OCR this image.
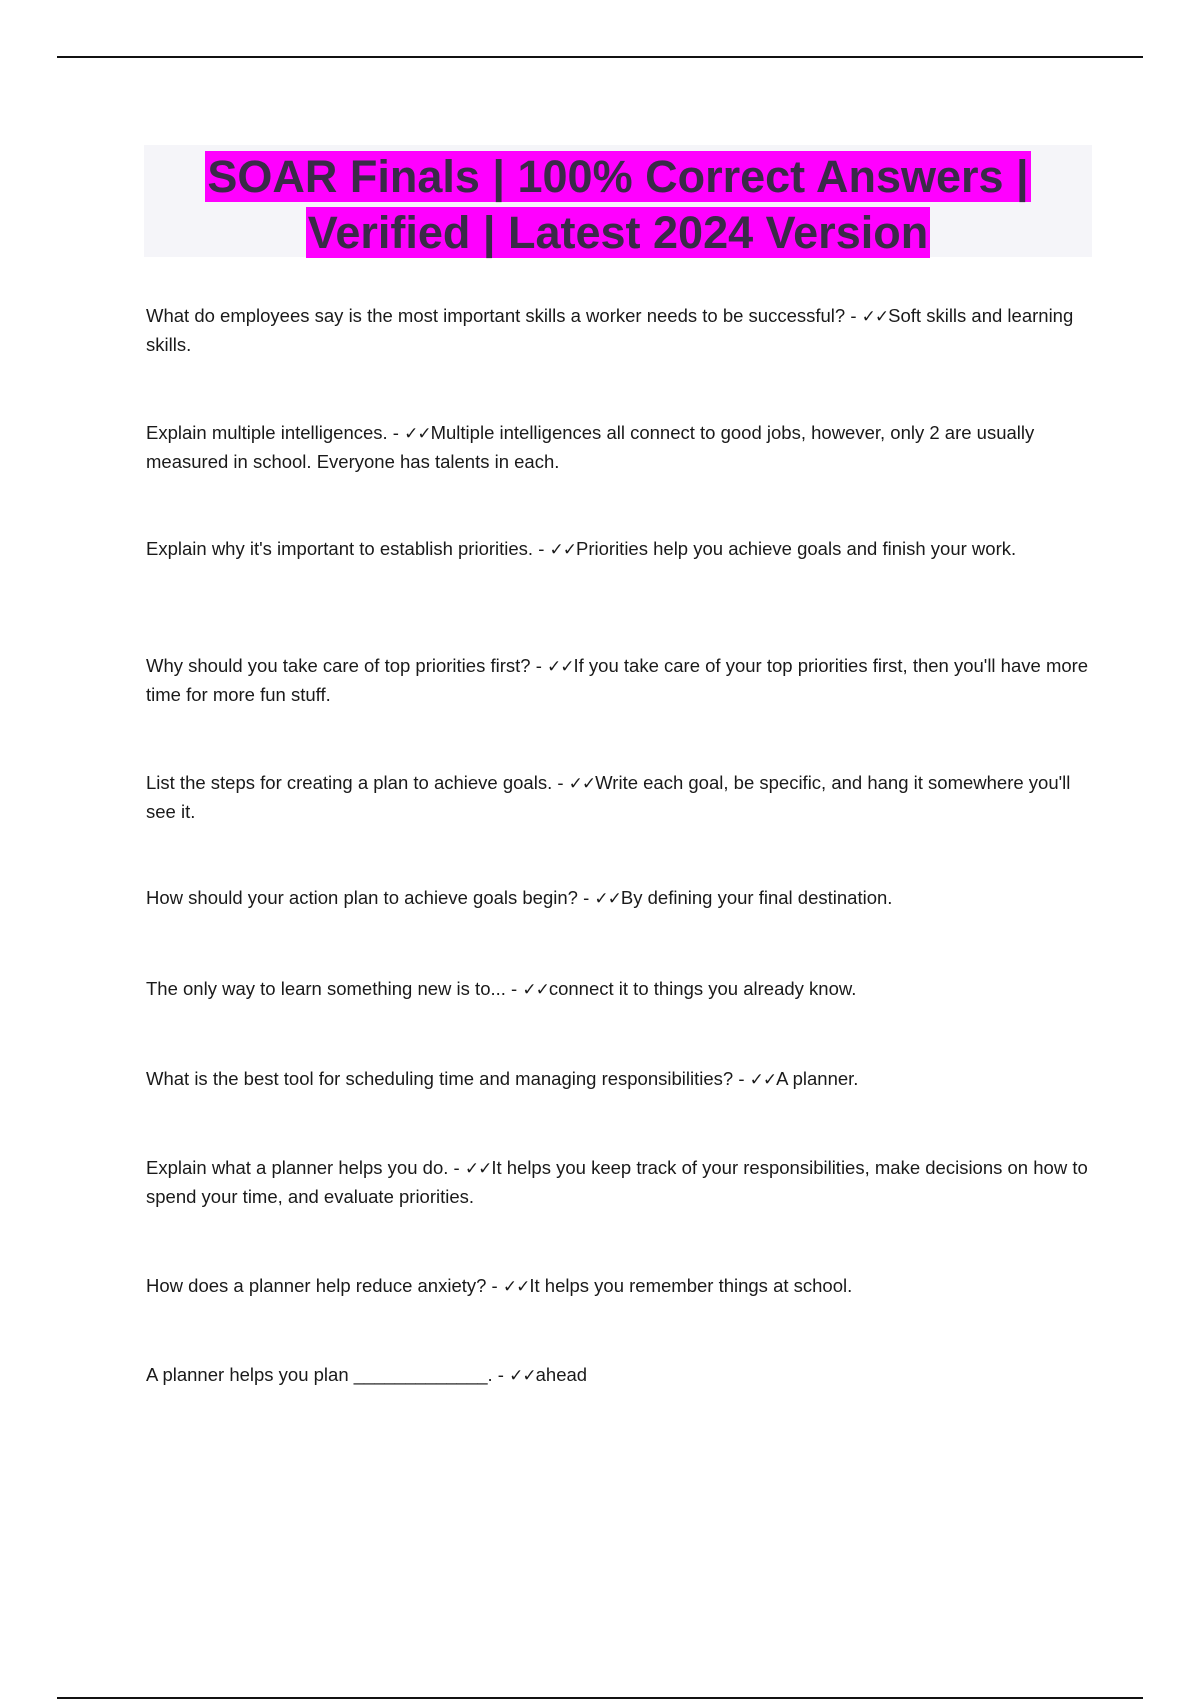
SOAR Finals | 100% Correct Answers | Verified | Latest 2024 Version

What do employees say is the most important skills a worker needs to be successful? - ✓✓Soft skills and learning skills.

Explain multiple intelligences. - ✓✓Multiple intelligences all connect to good jobs, however, only 2 are usually measured in school. Everyone has talents in each.

Explain why it's important to establish priorities. - ✓✓Priorities help you achieve goals and finish your work.

Why should you take care of top priorities first? - ✓✓If you take care of your top priorities first, then you'll have more time for more fun stuff.

List the steps for creating a plan to achieve goals. - ✓✓Write each goal, be specific, and hang it somewhere you'll see it.

How should your action plan to achieve goals begin? - ✓✓By defining your final destination.

The only way to learn something new is to... - ✓✓connect it to things you already know.

What is the best tool for scheduling time and managing responsibilities? - ✓✓A planner.

Explain what a planner helps you do. - ✓✓It helps you keep track of your responsibilities, make decisions on how to spend your time, and evaluate priorities.

How does a planner help reduce anxiety? - ✓✓It helps you remember things at school.

A planner helps you plan _____________. - ✓✓ahead
